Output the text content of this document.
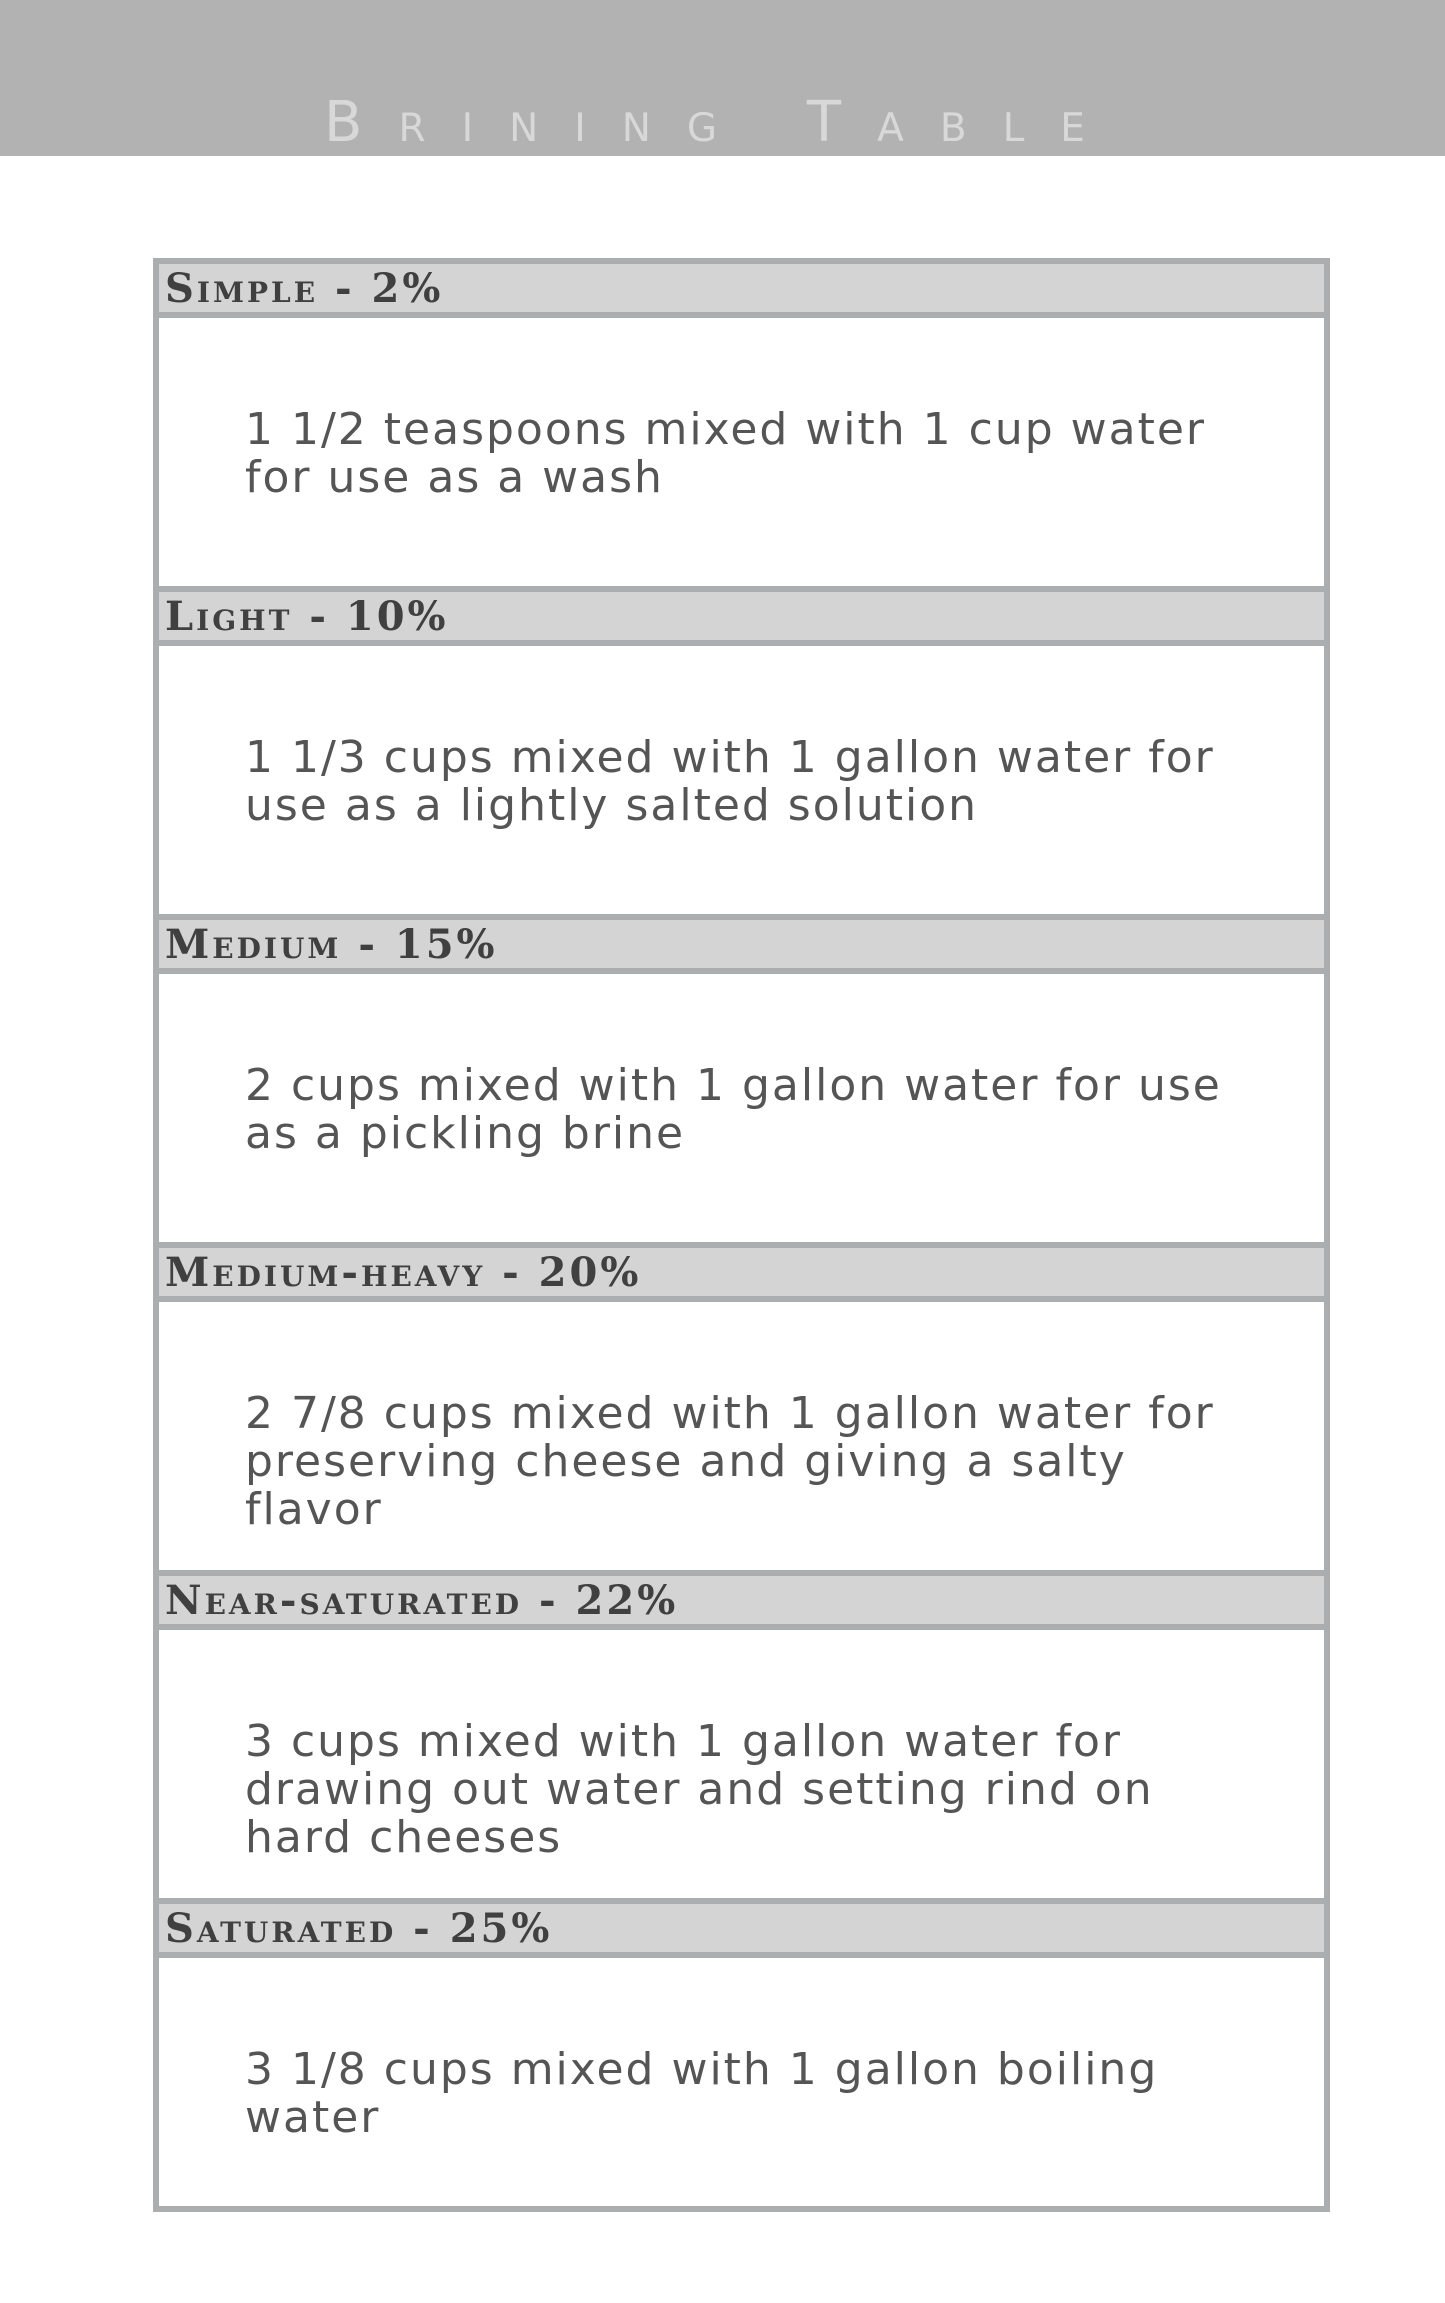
Brining Table
Simple - 2%
1 1/2 teaspoons mixed with 1 cup water for use as a wash
Light - 10%
1 1/3 cups mixed with 1 gallon water for use as a lightly salted solution
Medium - 15%
2 cups mixed with 1 gallon water for use as a pickling brine
Medium-heavy - 20%
2 7/8 cups mixed with 1 gallon water for preserving cheese and giving a salty flavor
Near-saturated - 22%
3 cups mixed with 1 gallon water for drawing out water and setting rind on hard cheeses
Saturated - 25%
3 1/8 cups mixed with 1 gallon boiling water
